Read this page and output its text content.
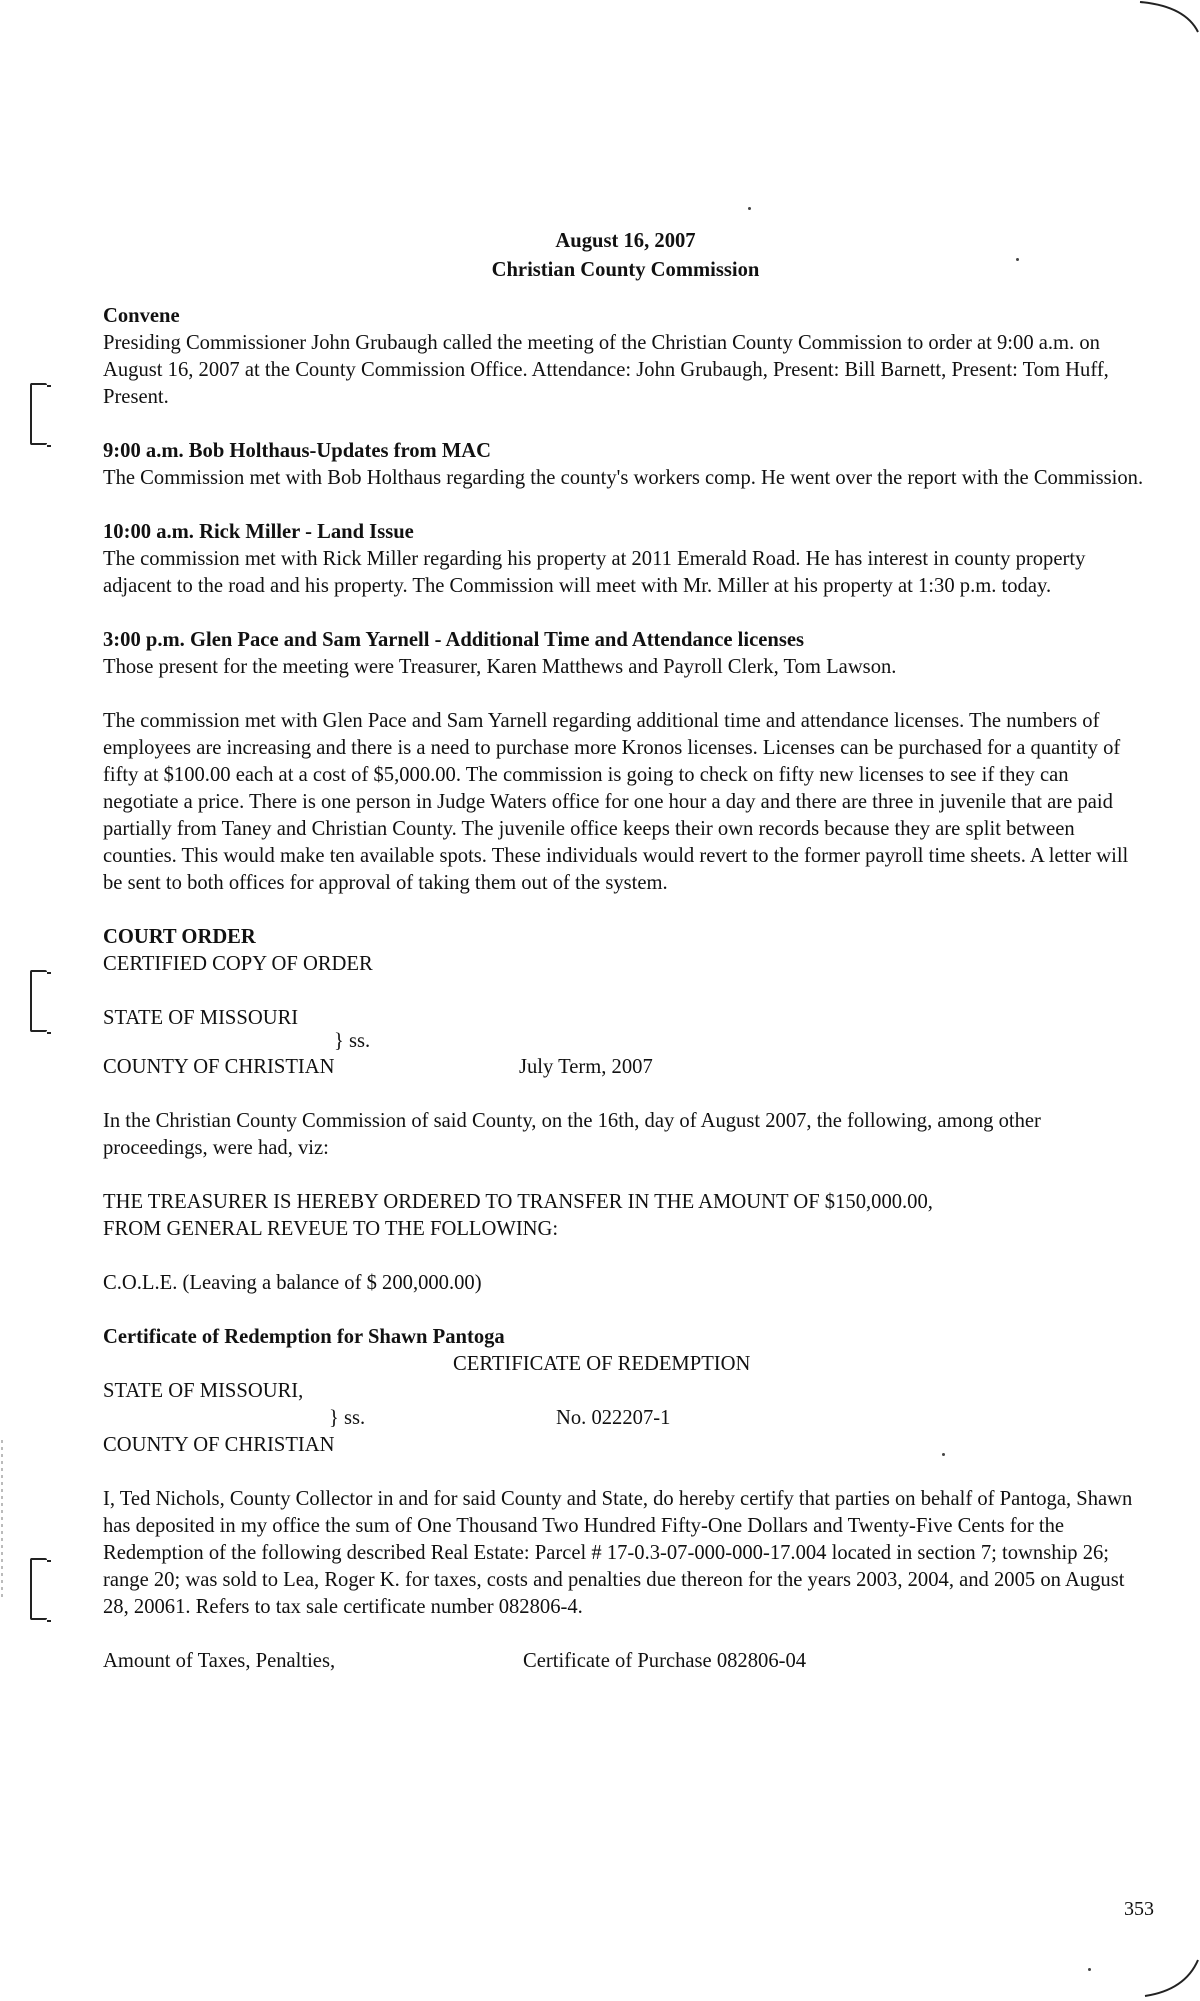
August 16, 2007
Christian County Commission
Convene

Presiding Commissioner John Grubaugh called the meeting of the Christian County Commission to order at 9:00 a.m. on August 16, 2007 at the County Commission Office. Attendance: John Grubaugh, Present: Bill Barnett, Present: Tom Huff, Present.

9:00 a.m. Bob Holthaus-Updates from MAC

The Commission met with Bob Holthaus regarding the county's workers comp. He went over the report with the Commission.

10:00 a.m. Rick Miller - Land Issue

The commission met with Rick Miller regarding his property at 2011 Emerald Road. He has interest in county property adjacent to the road and his property. The Commission will meet with Mr. Miller at his property at 1:30 p.m. today.

3:00 p.m. Glen Pace and Sam Yarnell - Additional Time and Attendance licenses

Those present for the meeting were Treasurer, Karen Matthews and Payroll Clerk, Tom Lawson.

The commission met with Glen Pace and Sam Yarnell regarding additional time and attendance licenses. The numbers of employees are increasing and there is a need to purchase more Kronos licenses. Licenses can be purchased for a quantity of fifty at $100.00 each at a cost of $5,000.00. The commission is going to check on fifty new licenses to see if they can negotiate a price. There is one person in Judge Waters office for one hour a day and there are three in juvenile that are paid partially from Taney and Christian County. The juvenile office keeps their own records because they are split between counties. This would make ten available spots. These individuals would revert to the former payroll time sheets. A letter will be sent to both offices for approval of taking them out of the system.

COURT ORDER
CERTIFIED COPY OF ORDER
STATE OF MISSOURI
} ss.
COUNTY OF CHRISTIAN	July Term, 2007

In the Christian County Commission of said County, on the 16th, day of August 2007, the following, among other proceedings, were had, viz:

THE TREASURER IS HEREBY ORDERED TO TRANSFER IN THE AMOUNT OF $150,000.00,
FROM GENERAL REVEUE TO THE FOLLOWING:
C.O.L.E. (Leaving a balance of $ 200,000.00)
Certificate of Redemption for Shawn Pantoga
CERTIFICATE OF REDEMPTION
STATE OF MISSOURI,
} ss.	No. 022207-1
COUNTY OF CHRISTIAN

I, Ted Nichols, County Collector in and for said County and State, do hereby certify that parties on behalf of Pantoga, Shawn has deposited in my office the sum of One Thousand Two Hundred Fifty-One Dollars and Twenty-Five Cents for the Redemption of the following described Real Estate: Parcel # 17-0.3-07-000-000-17.004 located in section 7; township 26; range 20; was sold to Lea, Roger K. for taxes, costs and penalties due thereon for the years 2003, 2004, and 2005 on August 28, 20061. Refers to tax sale certificate number 082806-4.

Amount of Taxes, Penalties,	Certificate of Purchase 082806-04
353
